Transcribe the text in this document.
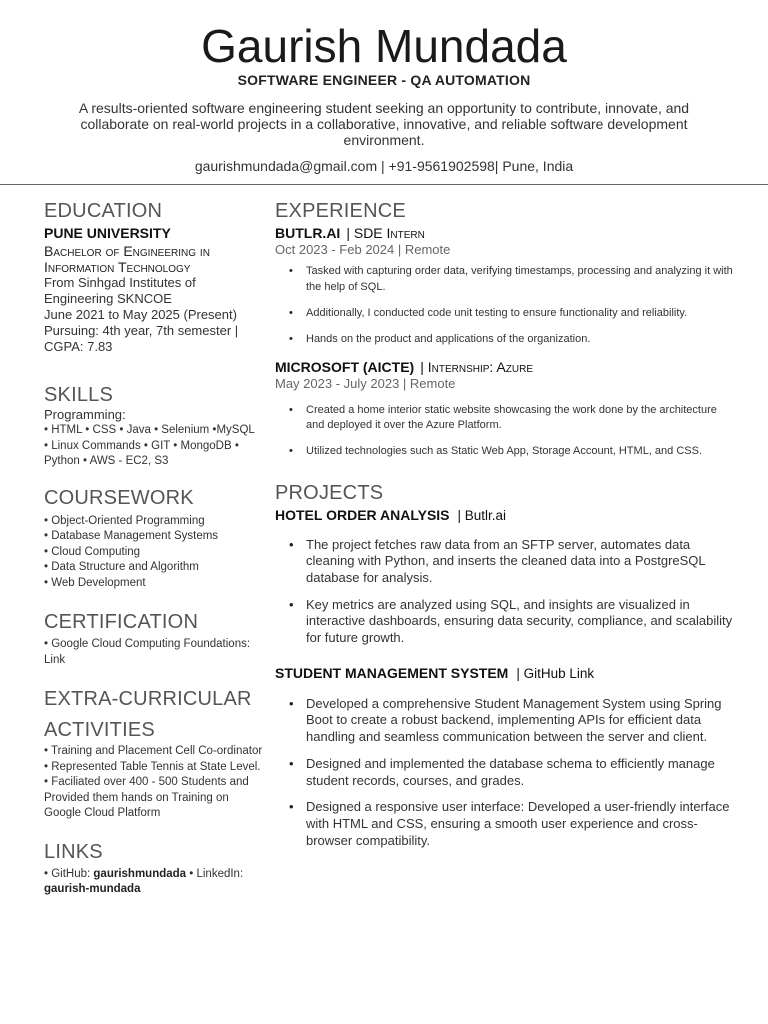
Gaurish Mundada
SOFTWARE ENGINEER - QA AUTOMATION
A results-oriented software engineering student seeking an opportunity to contribute, innovate, and collaborate on real-world projects in a collaborative, innovative, and reliable software development environment.
gaurishmundada@gmail.com | +91-9561902598| Pune, India
EDUCATION
PUNE UNIVERSITY
Bachelor of Engineering in Information Technology
From Sinhgad Institutes of Engineering SKNCOE
June 2021 to May 2025 (Present)
Pursuing: 4th year, 7th semester | CGPA: 7.83
SKILLS
Programming:
• HTML • CSS • Java • Selenium •MySQL
• Linux Commands • GIT • MongoDB •
Python • AWS - EC2, S3
COURSEWORK
• Object-Oriented Programming
• Database Management Systems
• Cloud Computing
• Data Structure and Algorithm
• Web Development
CERTIFICATION
• Google Cloud Computing Foundations:
Link
EXTRA-CURRICULAR
ACTIVITIES
• Training and Placement Cell Co-ordinator
• Represented Table Tennis at State Level.
• Faciliated over 400 - 500 Students and Provided them hands on Training on Google Cloud Platform
LINKS
• GitHub: gaurishmundada • LinkedIn:
gaurish-mundada
EXPERIENCE
BUTLR.AI | SDE Intern
Oct 2023 - Feb 2024 | Remote
• Tasked with capturing order data, verifying timestamps, processing and analyzing it with the help of SQL.
• Additionally, I conducted code unit testing to ensure functionality and reliability.
• Hands on the product and applications of the organization.
MICROSOFT (AICTE) | Internship: Azure
May 2023 - July 2023 | Remote
• Created a home interior static website showcasing the work done by the architecture and deployed it over the Azure Platform.
• Utilized technologies such as Static Web App, Storage Account, HTML, and CSS.
PROJECTS
HOTEL ORDER ANALYSIS | Butlr.ai
• The project fetches raw data from an SFTP server, automates data cleaning with Python, and inserts the cleaned data into a PostgreSQL database for analysis.
• Key metrics are analyzed using SQL, and insights are visualized in interactive dashboards, ensuring data security, compliance, and scalability for future growth.
STUDENT MANAGEMENT SYSTEM | GitHub Link
• Developed a comprehensive Student Management System using Spring Boot to create a robust backend, implementing APIs for efficient data handling and seamless communication between the server and client.
• Designed and implemented the database schema to efficiently manage student records, courses, and grades.
• Designed a responsive user interface: Developed a user-friendly interface with HTML and CSS, ensuring a smooth user experience and cross-browser compatibility.
